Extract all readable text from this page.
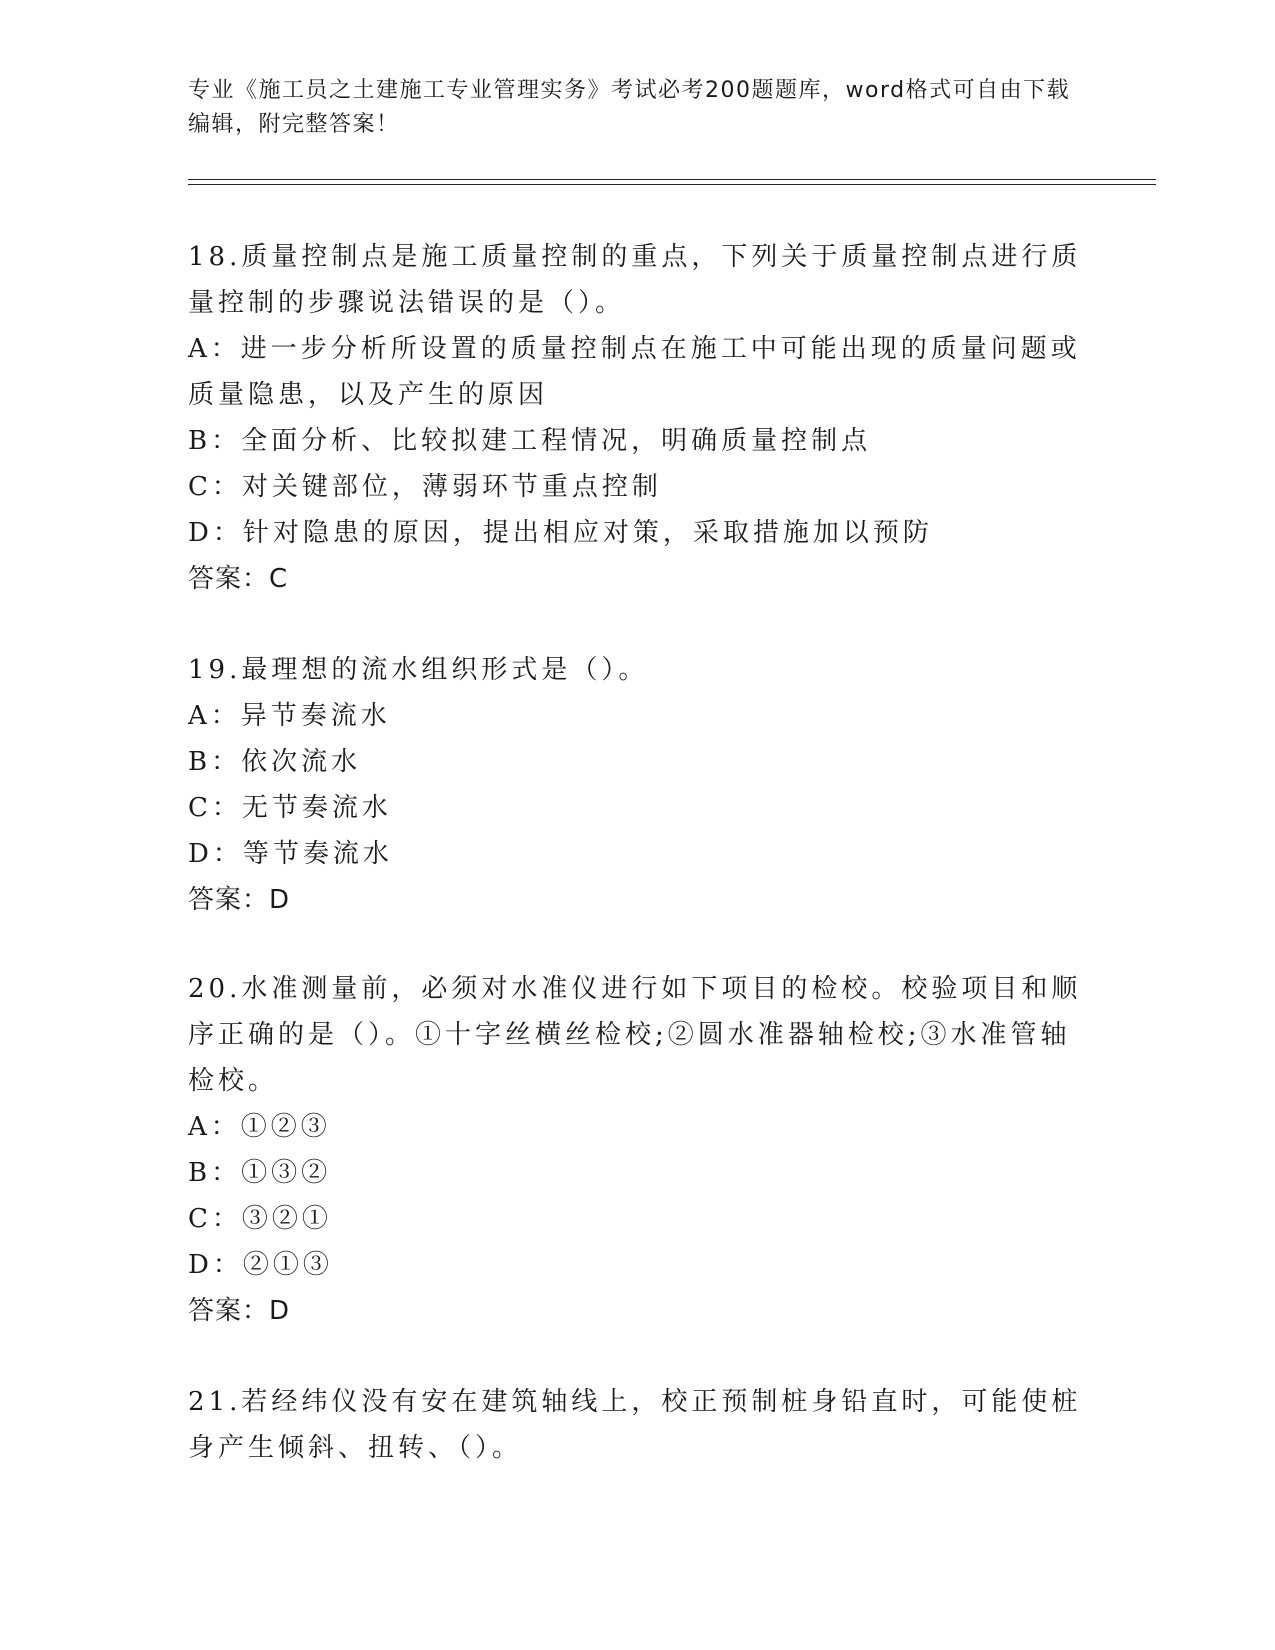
专业《施工员之土建施工专业管理实务》考试必考200题题库，word格式可自由下载编辑，附完整答案！
18.质量控制点是施工质量控制的重点，下列关于质量控制点进行质量控制的步骤说法错误的是（）。
A：进一步分析所设置的质量控制点在施工中可能出现的质量问题或质量隐患，以及产生的原因
B：全面分析、比较拟建工程情况，明确质量控制点
C：对关键部位，薄弱环节重点控制
D：针对隐患的原因，提出相应对策，采取措施加以预防
答案：C
19.最理想的流水组织形式是（）。
A：异节奏流水
B：依次流水
C：无节奏流水
D：等节奏流水
答案：D
20.水准测量前，必须对水准仪进行如下项目的检校。校验项目和顺序正确的是（）。①十字丝横丝检校;②圆水准器轴检校;③水准管轴检校。
A：①②③
B：①③②
C：③②①
D：②①③
答案：D
21.若经纬仪没有安在建筑轴线上，校正预制桩身铅直时，可能使桩身产生倾斜、扭转、（）。
